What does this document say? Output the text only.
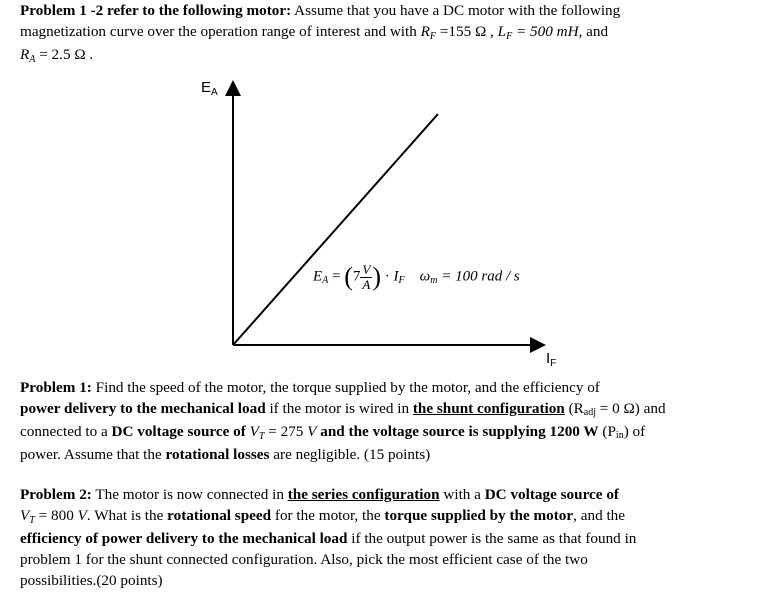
Problem 1 -2 refer to the following motor: Assume that you have a DC motor with the following
magnetization curve over the operation range of interest and with RF =155 Ω , LF = 500 mH, and
RA = 2.5 Ω .
$E_A$
$I_F$
$E_A = (7 \frac{V}{A}$ ) · $I_F$ $\omega_m = 100$ rad / s
Problem 1: Find the speed of the motor, the torque supplied by the motor, and the efficiency of
power delivery to the mechanical load if the motor is wired in the shunt configuration (Radj = 0 Ω) and
connected to a DC voltage source of VT = 275 V and the voltage source is supplying 1200 W (Pin) of
power. Assume that the rotational losses are negligible. (15 points)
Problem 2: The motor is now connected in the series configuration with a DC voltage source of
VT = 800 V. What is the rotational speed for the motor, the torque supplied by the motor, and the
efficiency of power delivery to the mechanical load if the output power is the same as that found in
problem 1 for the shunt connected configuration. Also, pick the most efficient case of the two
possibilities.(20 points)
